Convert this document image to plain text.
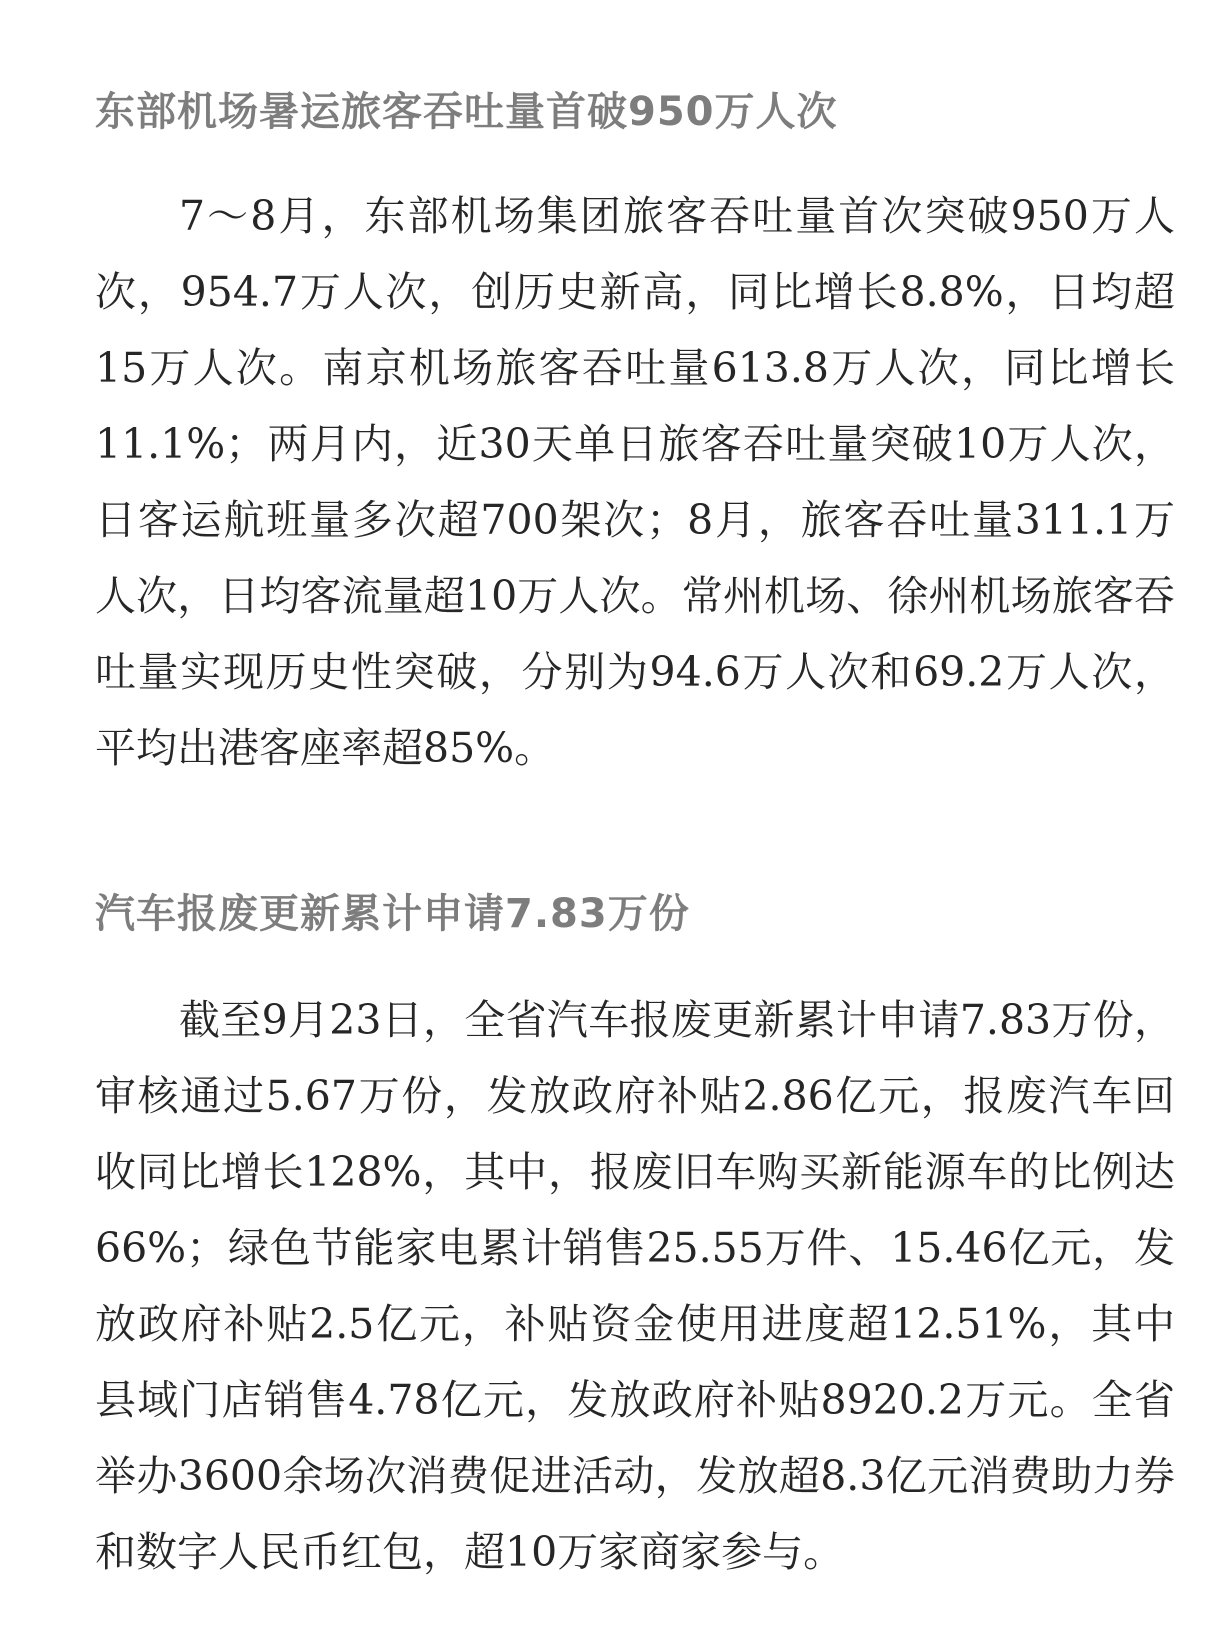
东部机场暑运旅客吞吐量首破950万人次

7～8月，东部机场集团旅客吞吐量首次突破950万人次，954.7万人次，创历史新高，同比增长8.8%，日均超15万人次。南京机场旅客吞吐量613.8万人次，同比增长11.1%；两月内，近30天单日旅客吞吐量突破10万人次，日客运航班量多次超700架次；8月，旅客吞吐量311.1万人次，日均客流量超10万人次。常州机场、徐州机场旅客吞吐量实现历史性突破，分别为94.6万人次和69.2万人次，平均出港客座率超85%。

汽车报废更新累计申请7.83万份

截至9月23日，全省汽车报废更新累计申请7.83万份，审核通过5.67万份，发放政府补贴2.86亿元，报废汽车回收同比增长128%，其中，报废旧车购买新能源车的比例达66%；绿色节能家电累计销售25.55万件、15.46亿元，发放政府补贴2.5亿元，补贴资金使用进度超12.51%，其中县域门店销售4.78亿元，发放政府补贴8920.2万元。全省举办3600余场次消费促进活动，发放超8.3亿元消费助力券和数字人民币红包，超10万家商家参与。
